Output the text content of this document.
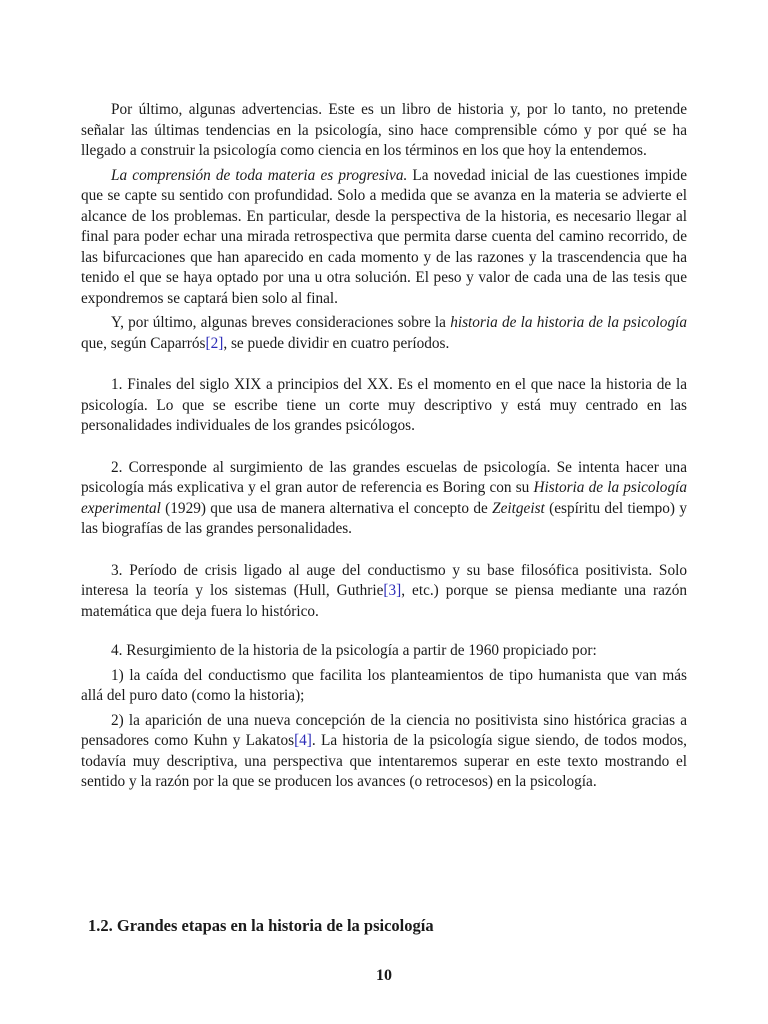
Por último, algunas advertencias. Este es un libro de historia y, por lo tanto, no pretende señalar las últimas tendencias en la psicología, sino hace comprensible cómo y por qué se ha llegado a construir la psicología como ciencia en los términos en los que hoy la entendemos.

La comprensión de toda materia es progresiva. La novedad inicial de las cuestiones impide que se capte su sentido con profundidad. Solo a medida que se avanza en la materia se advierte el alcance de los problemas. En particular, desde la perspectiva de la historia, es necesario llegar al final para poder echar una mirada retrospectiva que permita darse cuenta del camino recorrido, de las bifurcaciones que han aparecido en cada momento y de las razones y la trascendencia que ha tenido el que se haya optado por una u otra solución. El peso y valor de cada una de las tesis que expondremos se captará bien solo al final.

Y, por último, algunas breves consideraciones sobre la historia de la historia de la psicología que, según Caparrós[2], se puede dividir en cuatro períodos.

1. Finales del siglo XIX a principios del XX. Es el momento en el que nace la historia de la psicología. Lo que se escribe tiene un corte muy descriptivo y está muy centrado en las personalidades individuales de los grandes psicólogos.

2. Corresponde al surgimiento de las grandes escuelas de psicología. Se intenta hacer una psicología más explicativa y el gran autor de referencia es Boring con su Historia de la psicología experimental (1929) que usa de manera alternativa el concepto de Zeitgeist (espíritu del tiempo) y las biografías de las grandes personalidades.

3. Período de crisis ligado al auge del conductismo y su base filosófica positivista. Solo interesa la teoría y los sistemas (Hull, Guthrie[3], etc.) porque se piensa mediante una razón matemática que deja fuera lo histórico.

4. Resurgimiento de la historia de la psicología a partir de 1960 propiciado por:

1) la caída del conductismo que facilita los planteamientos de tipo humanista que van más allá del puro dato (como la historia);

2) la aparición de una nueva concepción de la ciencia no positivista sino histórica gracias a pensadores como Kuhn y Lakatos[4]. La historia de la psicología sigue siendo, de todos modos, todavía muy descriptiva, una perspectiva que intentaremos superar en este texto mostrando el sentido y la razón por la que se producen los avances (o retrocesos) en la psicología.

1.2. Grandes etapas en la historia de la psicología
10
